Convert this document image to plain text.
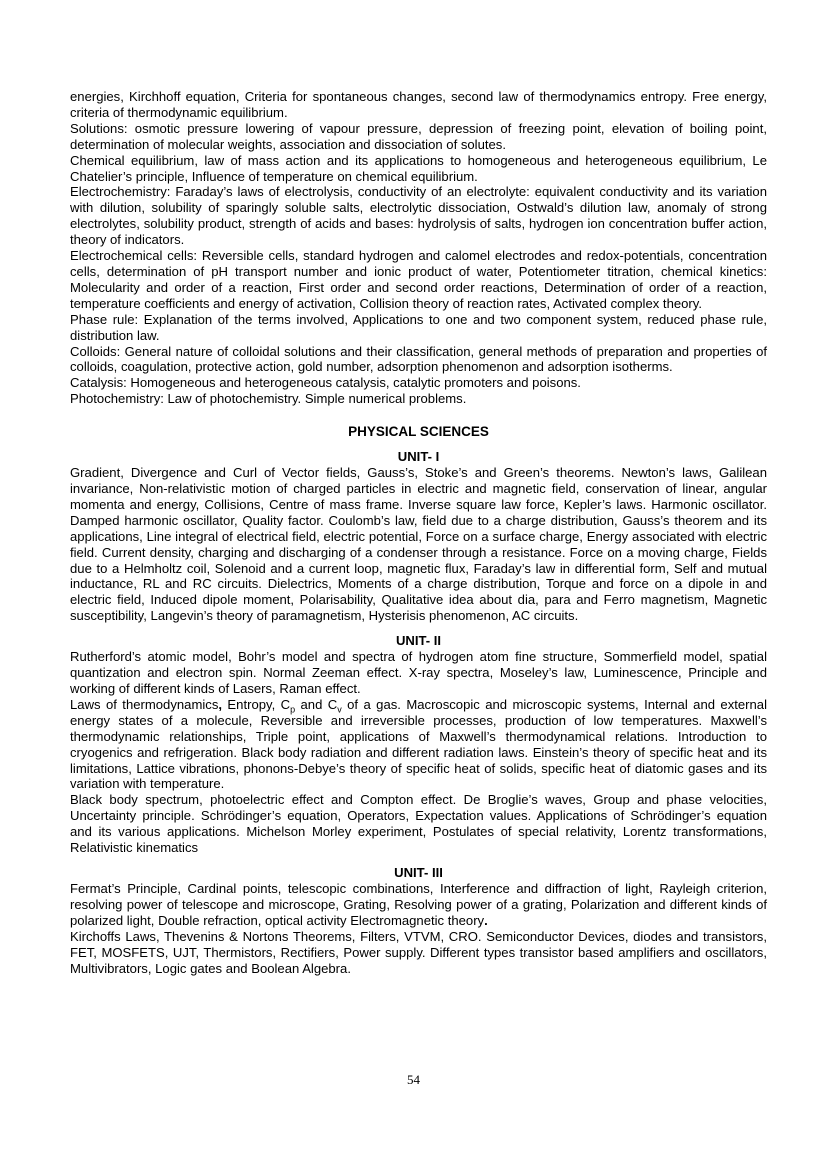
energies, Kirchhoff equation, Criteria for spontaneous changes, second law of thermodynamics entropy. Free energy, criteria of thermodynamic equilibrium.

Solutions: osmotic pressure lowering of vapour pressure, depression of freezing point, elevation of boiling point, determination of molecular weights, association and dissociation of solutes.

Chemical equilibrium, law of mass action and its applications to homogeneous and heterogeneous equilibrium, Le Chatelier’s principle, Influence of temperature on chemical equilibrium.

Electrochemistry: Faraday’s laws of electrolysis, conductivity of an electrolyte: equivalent conductivity and its variation with dilution, solubility of sparingly soluble salts, electrolytic dissociation, Ostwald’s dilution law, anomaly of strong electrolytes, solubility product, strength of acids and bases: hydrolysis of salts, hydrogen ion concentration buffer action, theory of indicators.

Electrochemical cells: Reversible cells, standard hydrogen and calomel electrodes and redox-potentials, concentration cells, determination of pH transport number and ionic product of water, Potentiometer titration, chemical kinetics: Molecularity and order of a reaction, First order and second order reactions, Determination of order of a reaction, temperature coefficients and energy of activation, Collision theory of reaction rates, Activated complex theory.

Phase rule: Explanation of the terms involved, Applications to one and two component system, reduced phase rule, distribution law.

Colloids: General nature of colloidal solutions and their classification, general methods of preparation and properties of colloids, coagulation, protective action, gold number, adsorption phenomenon and adsorption isotherms.

Catalysis: Homogeneous and heterogeneous catalysis, catalytic promoters and poisons.

Photochemistry: Law of photochemistry. Simple numerical problems.

PHYSICAL SCIENCES
UNIT- I

Gradient, Divergence and Curl of Vector fields, Gauss’s, Stoke’s and Green’s theorems. Newton’s laws, Galilean invariance, Non-relativistic motion of charged particles in electric and magnetic field, conservation of linear, angular momenta and energy, Collisions, Centre of mass frame. Inverse square law force, Kepler’s laws. Harmonic oscillator. Damped harmonic oscillator, Quality factor. Coulomb’s law, field due to a charge distribution, Gauss’s theorem and its applications, Line integral of electrical field, electric potential, Force on a surface charge, Energy associated with electric field. Current density, charging and discharging of a condenser through a resistance. Force on a moving charge, Fields due to a Helmholtz coil, Solenoid and a current loop, magnetic flux, Faraday’s law in differential form, Self and mutual inductance, RL and RC circuits. Dielectrics, Moments of a charge distribution, Torque and force on a dipole in and electric field, Induced dipole moment, Polarisability, Qualitative idea about dia, para and Ferro magnetism, Magnetic susceptibility, Langevin’s theory of paramagnetism, Hysterisis phenomenon, AC circuits.

UNIT- II

Rutherford’s atomic model, Bohr’s model and spectra of hydrogen atom fine structure, Sommerfield model, spatial quantization and electron spin. Normal Zeeman effect. X-ray spectra, Moseley’s law, Luminescence, Principle and working of different kinds of Lasers, Raman effect.

Laws of thermodynamics, Entropy, $C_p$ and $C_v$ of a gas. Macroscopic and microscopic systems, Internal and external energy states of a molecule, Reversible and irreversible processes, production of low temperatures. Maxwell’s thermodynamic relationships, Triple point, applications of Maxwell’s thermodynamical relations. Introduction to cryogenics and refrigeration. Black body radiation and different radiation laws. Einstein’s theory of specific heat and its limitations, Lattice vibrations, phonons-Debye’s theory of specific heat of solids, specific heat of diatomic gases and its variation with temperature.

Black body spectrum, photoelectric effect and Compton effect. De Broglie’s waves, Group and phase velocities, Uncertainty principle. Schrödinger’s equation, Operators, Expectation values. Applications of Schrödinger’s equation and its various applications. Michelson Morley experiment, Postulates of special relativity, Lorentz transformations, Relativistic kinematics

UNIT- III

Fermat’s Principle, Cardinal points, telescopic combinations, Interference and diffraction of light, Rayleigh criterion, resolving power of telescope and microscope, Grating, Resolving power of a grating, Polarization and different kinds of polarized light, Double refraction, optical activity Electromagnetic theory.

Kirchoffs Laws, Thevenins & Nortons Theorems, Filters, VTVM, CRO. Semiconductor Devices, diodes and transistors, FET, MOSFETS, UJT, Thermistors, Rectifiers, Power supply. Different types transistor based amplifiers and oscillators, Multivibrators, Logic gates and Boolean Algebra.

54
